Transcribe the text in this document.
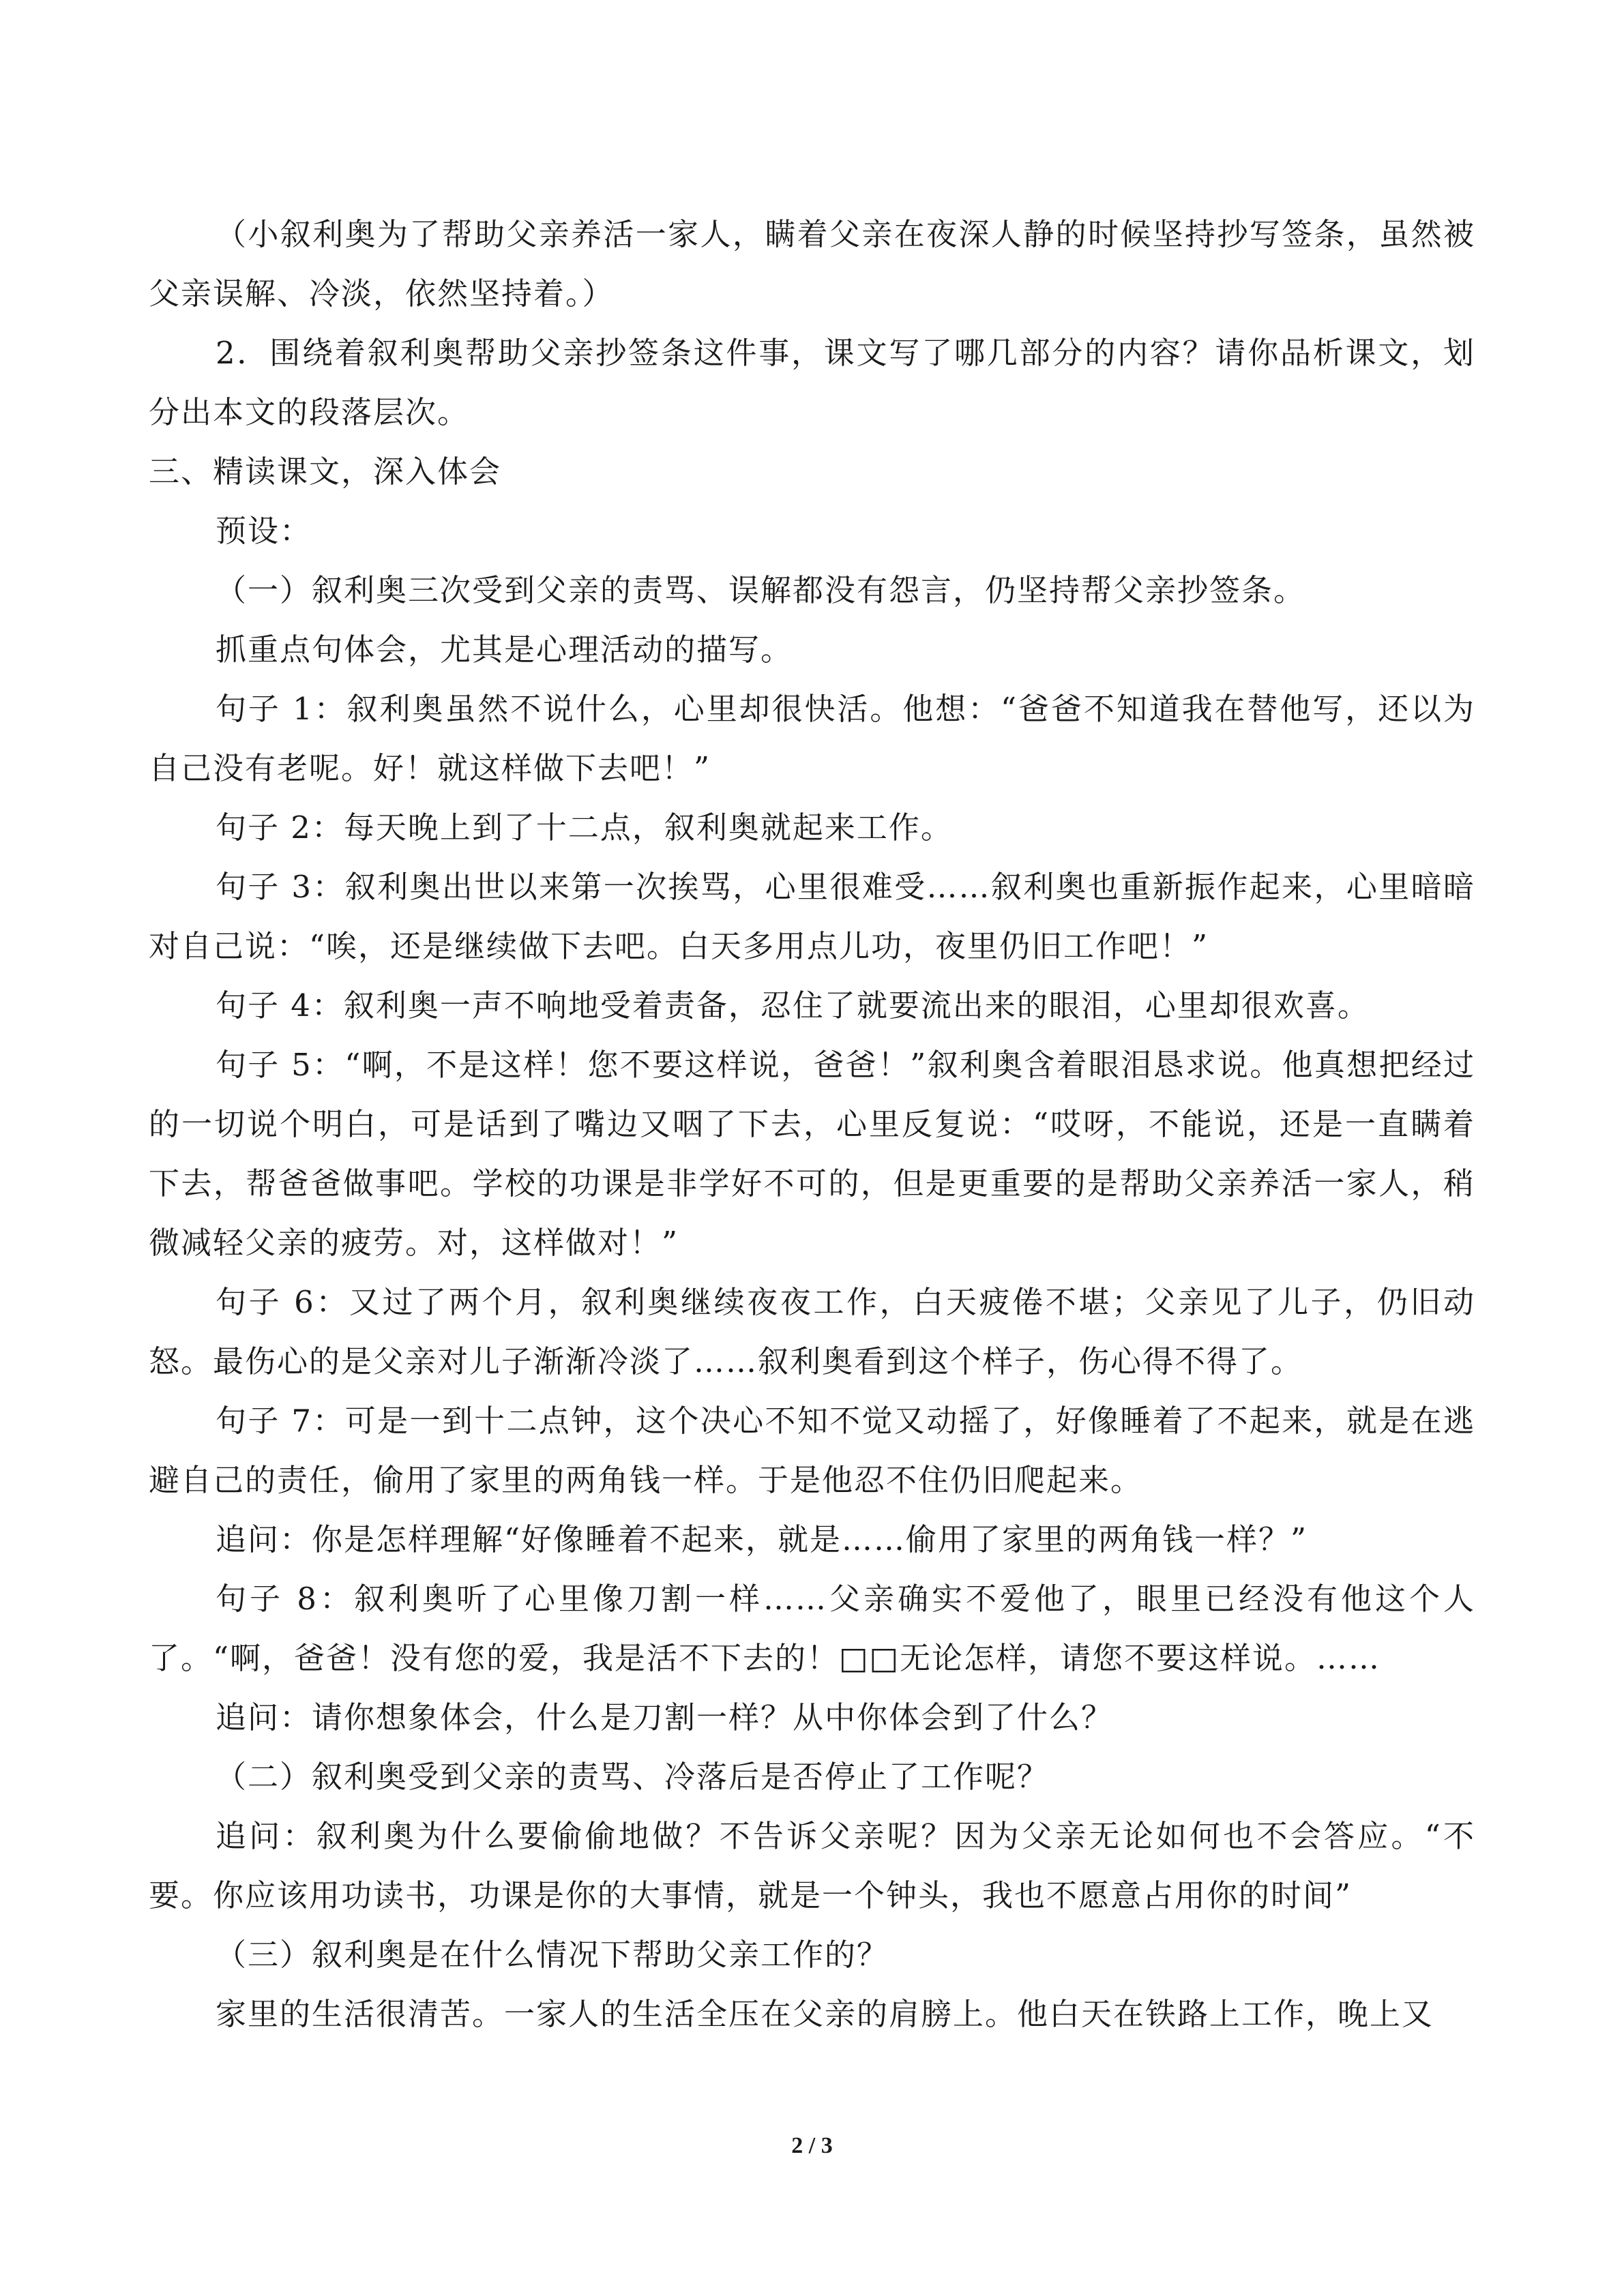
（小叙利奥为了帮助父亲养活一家人，瞒着父亲在夜深人静的时候坚持抄写签条，虽然被父亲误解、冷淡，依然坚持着。）

2．围绕着叙利奥帮助父亲抄签条这件事，课文写了哪几部分的内容？请你品析课文，划分出本文的段落层次。

三、精读课文，深入体会

预设：

（一）叙利奥三次受到父亲的责骂、误解都没有怨言，仍坚持帮父亲抄签条。

抓重点句体会，尤其是心理活动的描写。

句子 1：叙利奥虽然不说什么，心里却很快活。他想：“爸爸不知道我在替他写，还以为自己没有老呢。好！就这样做下去吧！”

句子 2：每天晚上到了十二点，叙利奥就起来工作。

句子 3：叙利奥出世以来第一次挨骂，心里很难受……叙利奥也重新振作起来，心里暗暗对自己说：“唉，还是继续做下去吧。白天多用点儿功，夜里仍旧工作吧！”

句子 4：叙利奥一声不响地受着责备，忍住了就要流出来的眼泪，心里却很欢喜。

句子 5：“啊，不是这样！您不要这样说，爸爸！”叙利奥含着眼泪恳求说。他真想把经过的一切说个明白，可是话到了嘴边又咽了下去，心里反复说：“哎呀，不能说，还是一直瞒着下去，帮爸爸做事吧。学校的功课是非学好不可的，但是更重要的是帮助父亲养活一家人，稍微减轻父亲的疲劳。对，这样做对！”

句子 6：又过了两个月，叙利奥继续夜夜工作，白天疲倦不堪；父亲见了儿子，仍旧动怒。最伤心的是父亲对儿子渐渐冷淡了……叙利奥看到这个样子，伤心得不得了。

句子 7：可是一到十二点钟，这个决心不知不觉又动摇了，好像睡着了不起来，就是在逃避自己的责任，偷用了家里的两角钱一样。于是他忍不住仍旧爬起来。

追问：你是怎样理解“好像睡着不起来，就是……偷用了家里的两角钱一样？”

句子 8：叙利奥听了心里像刀割一样……父亲确实不爱他了，眼里已经没有他这个人了。“啊，爸爸！没有您的爱，我是活不下去的！□□无论怎样，请您不要这样说。……

追问：请你想象体会，什么是刀割一样？从中你体会到了什么？

（二）叙利奥受到父亲的责骂、冷落后是否停止了工作呢？

追问：叙利奥为什么要偷偷地做？不告诉父亲呢？因为父亲无论如何也不会答应。“不要。你应该用功读书，功课是你的大事情，就是一个钟头，我也不愿意占用你的时间”

（三）叙利奥是在什么情况下帮助父亲工作的？

家里的生活很清苦。一家人的生活全压在父亲的肩膀上。他白天在铁路上工作，晚上又

2 / 3
